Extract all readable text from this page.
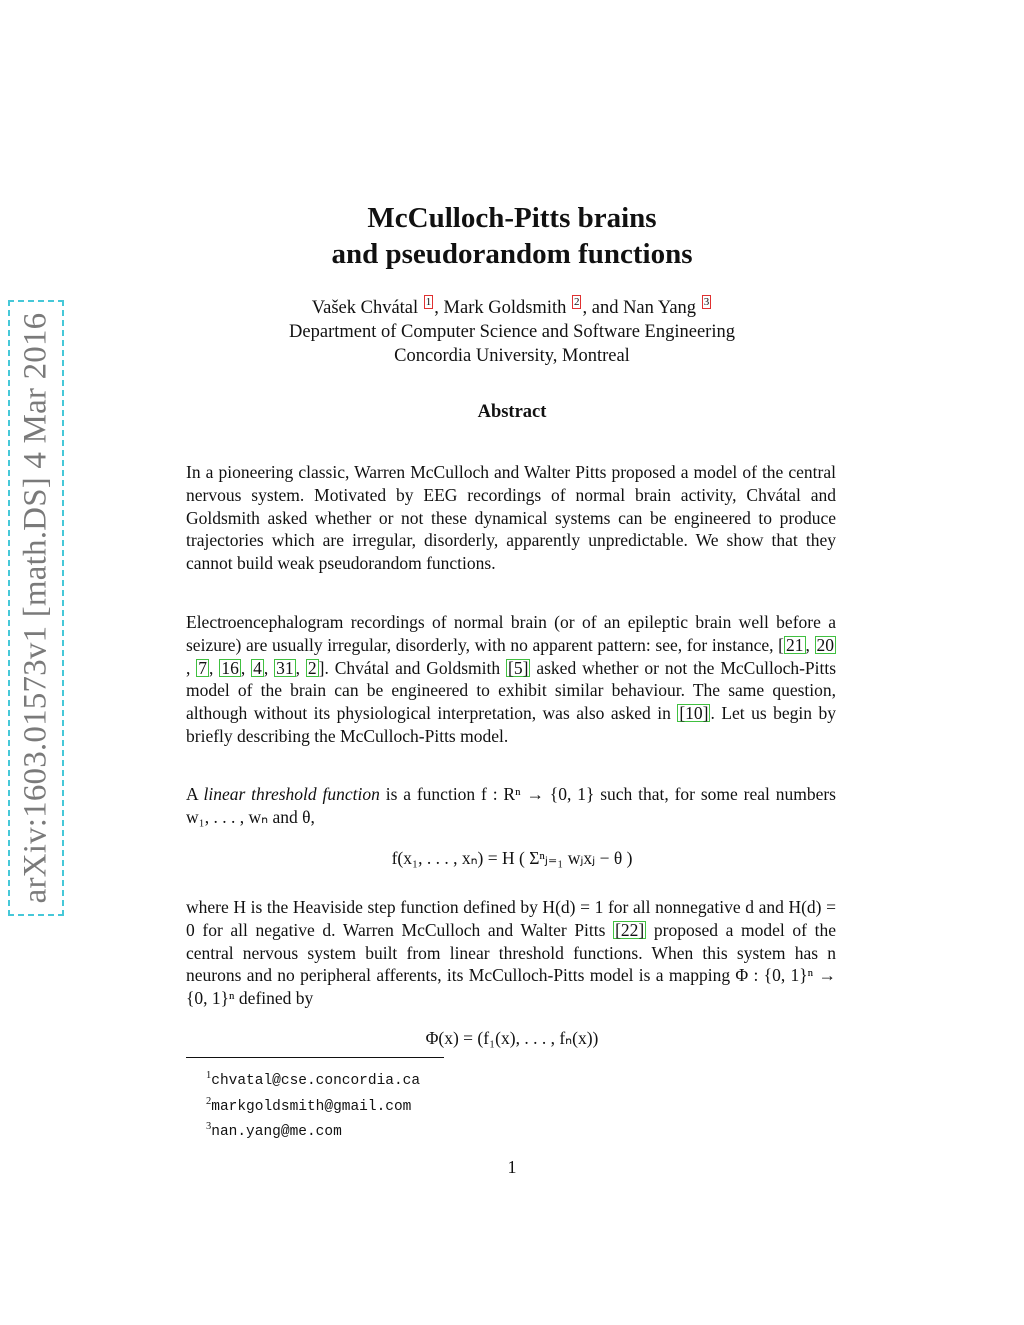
arXiv:1603.01573v1 [math.DS] 4 Mar 2016
McCulloch-Pitts brains
and pseudorandom functions
Vašek Chvátal 1 , Mark Goldsmith 2 , and Nan Yang 3
Department of Computer Science and Software Engineering
Concordia University, Montreal
Abstract
In a pioneering classic, Warren McCulloch and Walter Pitts proposed a model of the central nervous system. Motivated by EEG recordings of normal brain activity, Chvátal and Goldsmith asked whether or not these dynamical systems can be engineered to produce trajectories which are irregular, disorderly, apparently unpredictable. We show that they cannot build weak pseudorandom functions.
Electroencephalogram recordings of normal brain (or of an epileptic brain well before a seizure) are usually irregular, disorderly, with no apparent pattern: see, for instance, [ 21 , 20, 7 , 16 , 4 , 31 , 2 ]. Chvátal and Goldsmith [5] asked whether or not the McCulloch-Pitts model of the brain can be engineered to exhibit similar behaviour. The same question, although without its physiological interpretation, was also asked in [10] . Let us begin by briefly describing the McCulloch-Pitts model.
A linear threshold function is a function f : Rⁿ → {0, 1} such that, for some real numbers w₁, . . . , wₙ and θ,
f(x₁, . . . , xₙ) = H ( Σⁿⱼ₌₁ wⱼxⱼ − θ )
where H is the Heaviside step function defined by H(d) = 1 for all nonnegative d and H(d) = 0 for all negative d. Warren McCulloch and Walter Pitts [22] proposed a model of the central nervous system built from linear threshold functions. When this system has n neurons and no peripheral afferents, its McCulloch-Pitts model is a mapping Φ : {0, 1}ⁿ → {0, 1}ⁿ defined by
Φ(x) = (f₁(x), . . . , fₙ(x))
$^1$chvatal@cse.concordia.ca
$^2$markgoldsmith@gmail.com
$^3$nan.yang@me.com
1
